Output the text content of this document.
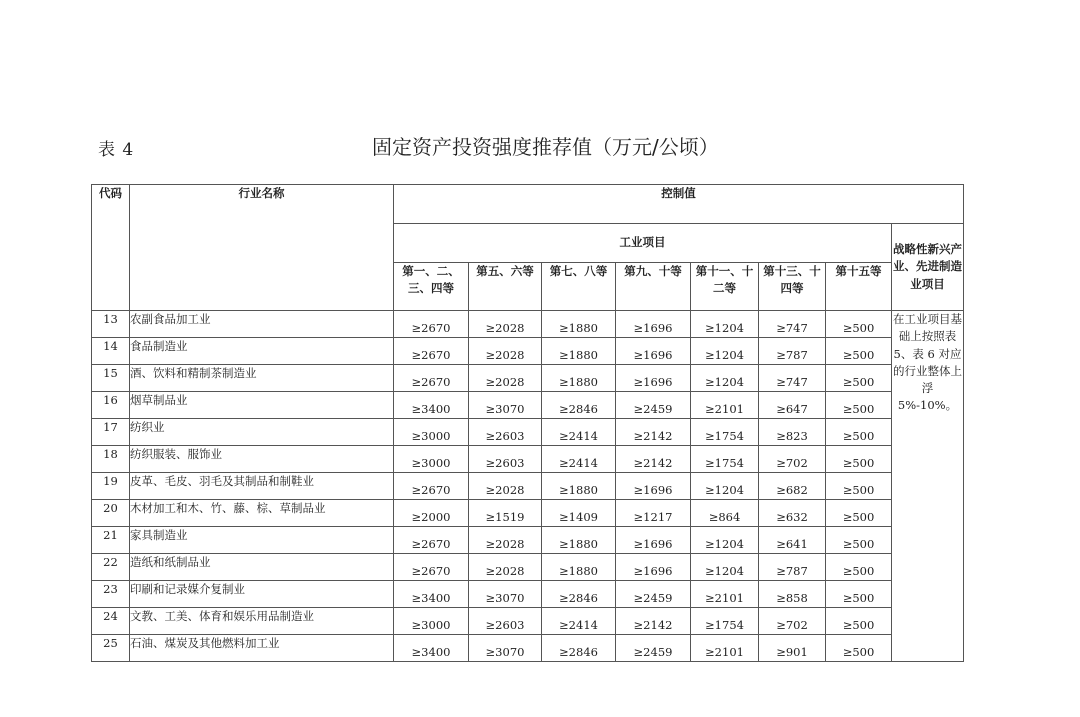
表 4	固定资产投资强度推荐值（万元/公顷）
代码	行业名称	控制值							
		工业项目							战略性新兴产业、先进制造业项目
		第一、二、三、四等	第五、六等	第七、八等	第九、十等	第十一、十二等	第十三、十四等	第十五等	
13	农副食品加工业	≥2670	≥2028	≥1880	≥1696	≥1204	≥747	≥500	在工业项目基础上按照表 5、表 6 对应的行业整体上浮 5%-10%。
14	食品制造业	≥2670	≥2028	≥1880	≥1696	≥1204	≥787	≥500	
15	酒、饮料和精制茶制造业	≥2670	≥2028	≥1880	≥1696	≥1204	≥747	≥500	
16	烟草制品业	≥3400	≥3070	≥2846	≥2459	≥2101	≥647	≥500	
17	纺织业	≥3000	≥2603	≥2414	≥2142	≥1754	≥823	≥500	
18	纺织服装、服饰业	≥3000	≥2603	≥2414	≥2142	≥1754	≥702	≥500	
19	皮革、毛皮、羽毛及其制品和制鞋业	≥2670	≥2028	≥1880	≥1696	≥1204	≥682	≥500	
20	木材加工和木、竹、藤、棕、草制品业	≥2000	≥1519	≥1409	≥1217	≥864	≥632	≥500	
21	家具制造业	≥2670	≥2028	≥1880	≥1696	≥1204	≥641	≥500	
22	造纸和纸制品业	≥2670	≥2028	≥1880	≥1696	≥1204	≥787	≥500	
23	印刷和记录媒介复制业	≥3400	≥3070	≥2846	≥2459	≥2101	≥858	≥500	
24	文教、工美、体育和娱乐用品制造业	≥3000	≥2603	≥2414	≥2142	≥1754	≥702	≥500	
25	石油、煤炭及其他燃料加工业	≥3400	≥3070	≥2846	≥2459	≥2101	≥901	≥500	
